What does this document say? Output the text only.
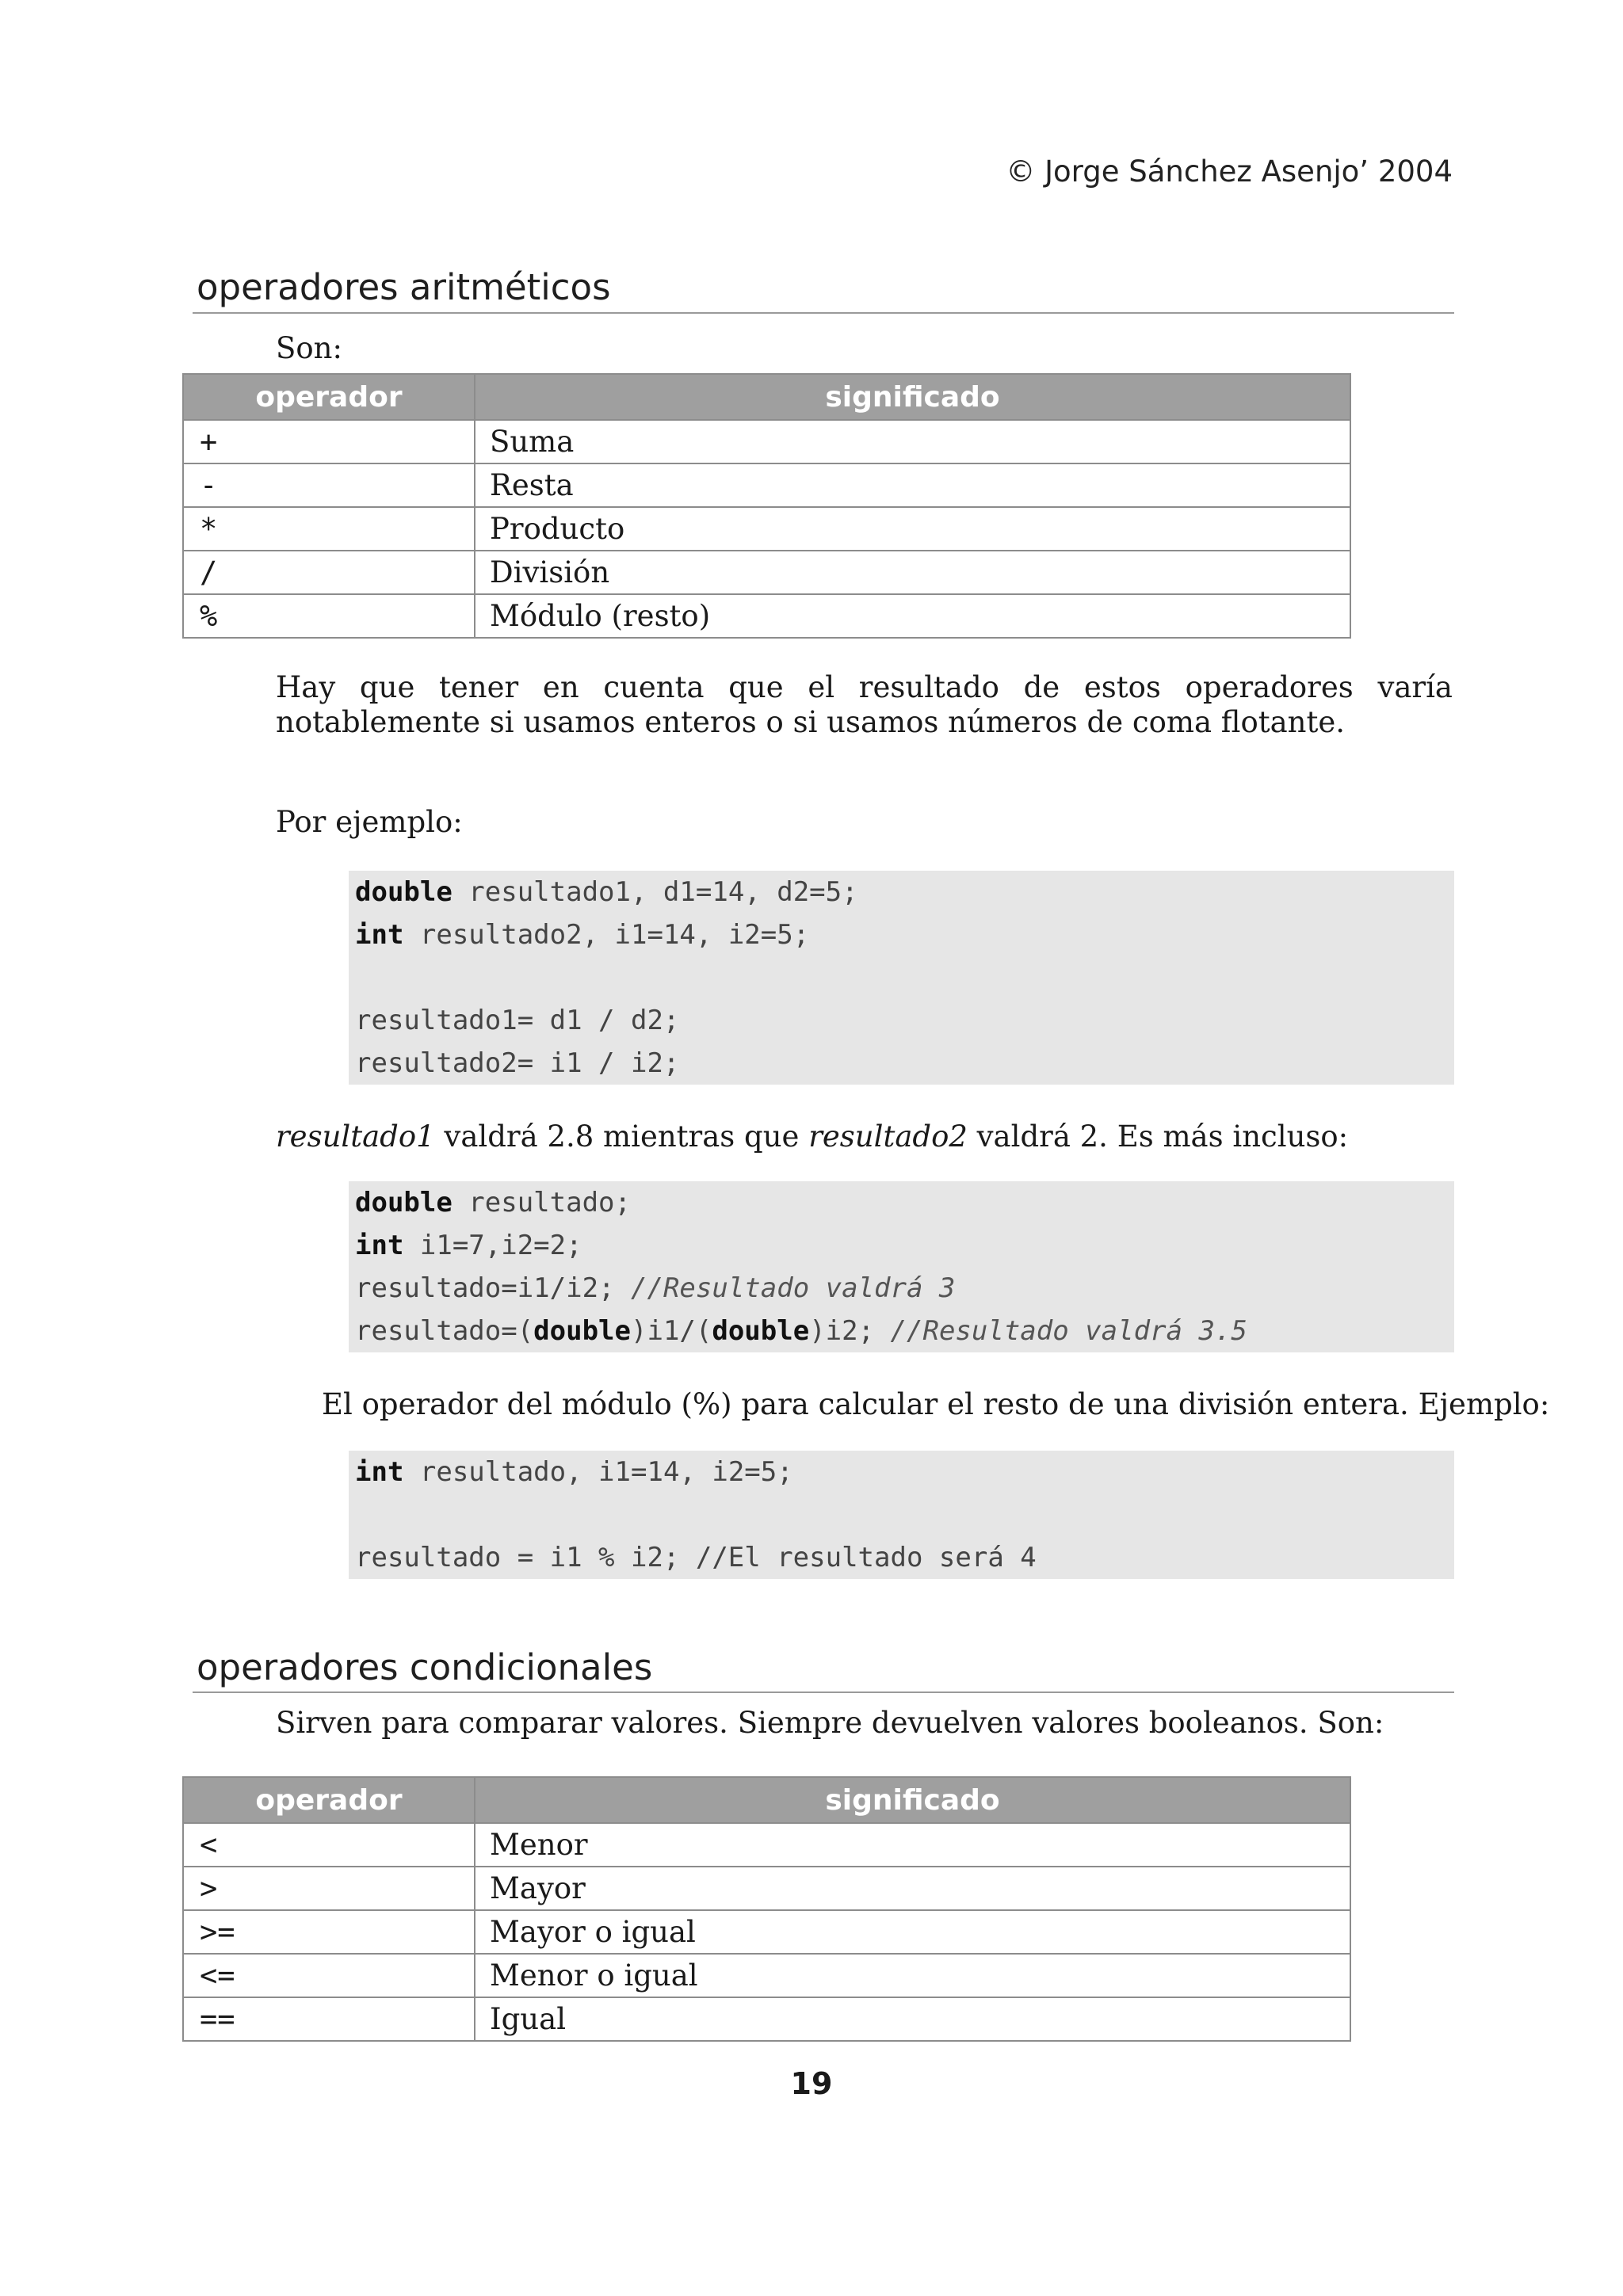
© Jorge Sánchez Asenjo’ 2004
operadores aritméticos
Son:
operador	significado
+	Suma
-	Resta
*	Producto
/	División
%	Módulo (resto)
Hay que tener en cuenta que el resultado de estos operadores varía notablemente si usamos enteros o si usamos números de coma flotante.
Por ejemplo:
double resultado1, d1=14, d2=5;
int resultado2, i1=14, i2=5;
resultado1= d1 / d2;
resultado2= i1 / i2;
resultado1 valdrá 2.8 mientras que resultado2 valdrá 2. Es más incluso:
double resultado;
int i1=7,i2=2;
resultado=i1/i2; //Resultado valdrá 3
resultado=(double)i1/(double)i2; //Resultado valdrá 3.5
El operador del módulo (%) para calcular el resto de una división entera. Ejemplo:
int resultado, i1=14, i2=5;
resultado = i1 % i2; //El resultado será 4
operadores condicionales
Sirven para comparar valores. Siempre devuelven valores booleanos. Son:
operador	significado
<	Menor
>	Mayor
>=	Mayor o igual
<=	Menor o igual
==	Igual
19
